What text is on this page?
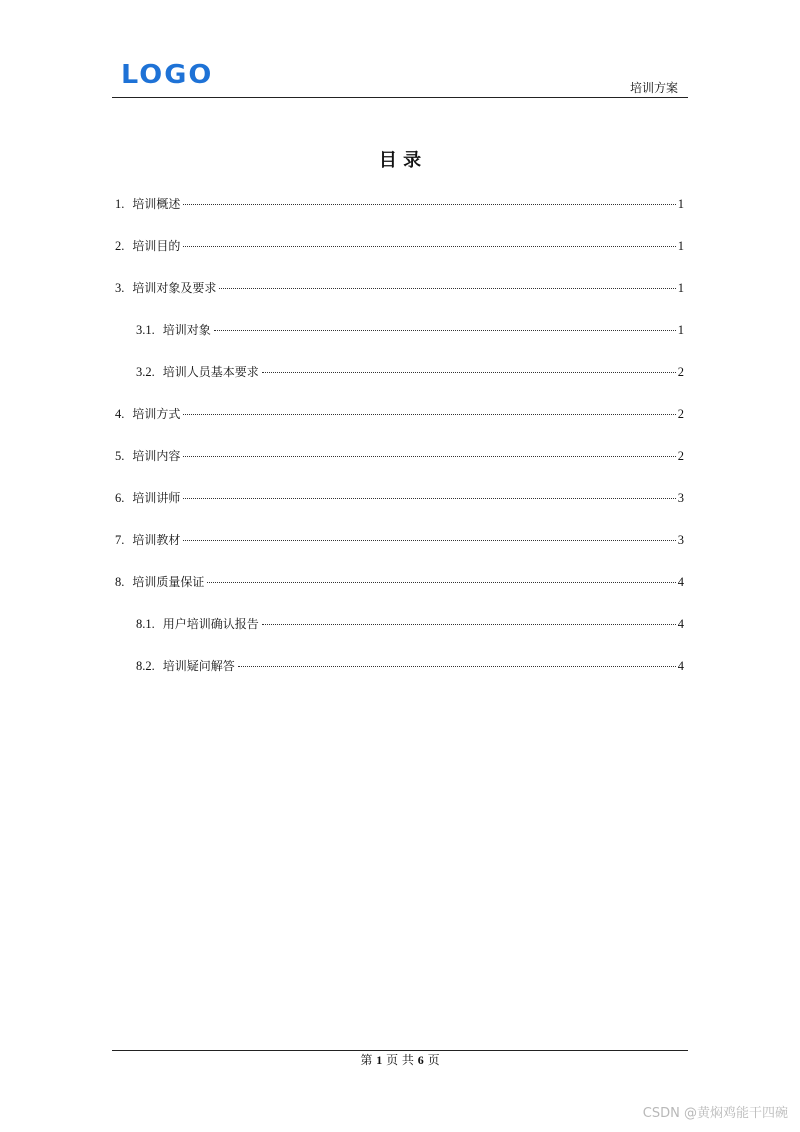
LOGO	培训方案
目 录
1. 培训概述	1
2. 培训目的	1
3. 培训对象及要求	1
3.1. 培训对象	1
3.2. 培训人员基本要求	2
4. 培训方式	2
5. 培训内容	2
6. 培训讲师	3
7. 培训教材	3
8. 培训质量保证	4
8.1. 用户培训确认报告	4
8.2. 培训疑问解答	4
第 1 页 共 6 页
CSDN @黄焖鸡能干四碗
